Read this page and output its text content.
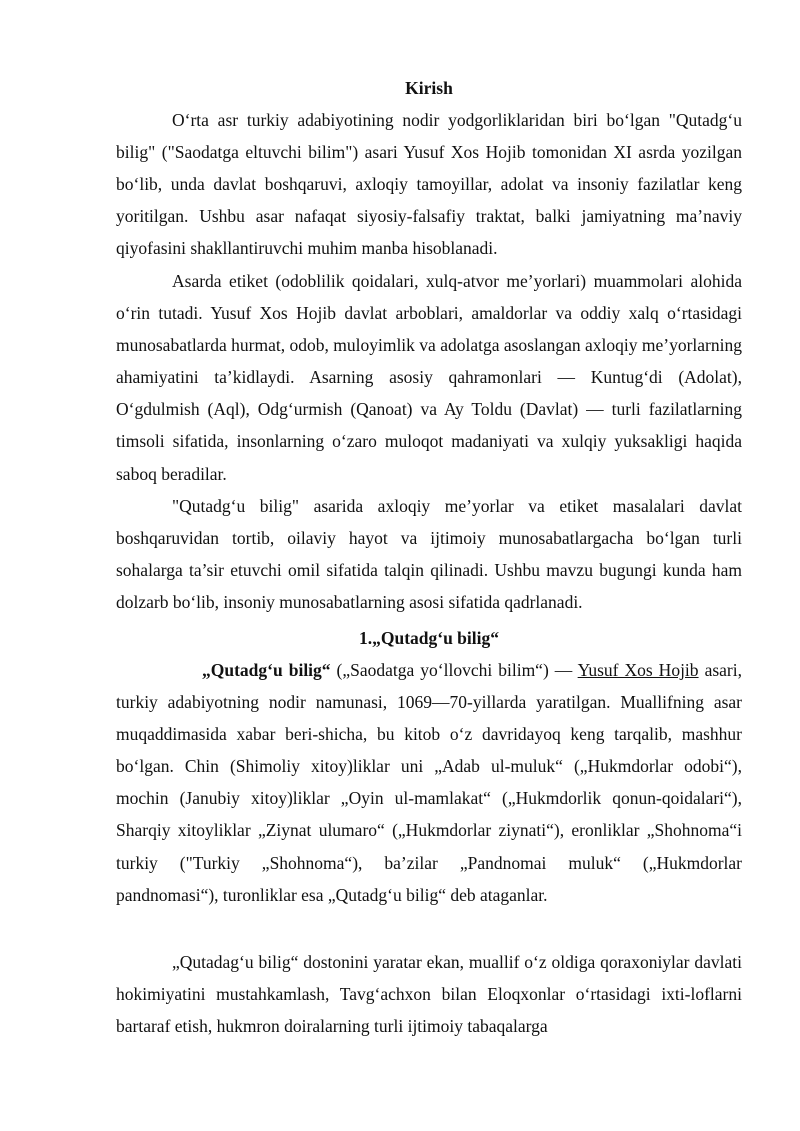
Kirish

O‘rta asr turkiy adabiyotining nodir yodgorliklaridan biri bo‘lgan "Qutadg‘u bilig" ("Saodatga eltuvchi bilim") asari Yusuf Xos Hojib tomonidan XI asrda yozilgan bo‘lib, unda davlat boshqaruvi, axloqiy tamoyillar, adolat va insoniy fazilatlar keng yoritilgan. Ushbu asar nafaqat siyosiy-falsafiy traktat, balki jamiyatning ma’naviy qiyofasini shakllantiruvchi muhim manba hisoblanadi.

Asarda etiket (odoblilik qoidalari, xulq-atvor me’yorlari) muammolari alohida o‘rin tutadi. Yusuf Xos Hojib davlat arboblari, amaldorlar va oddiy xalq o‘rtasidagi munosabatlarda hurmat, odob, muloyimlik va adolatga asoslangan axloqiy me’yorlarning ahamiyatini ta’kidlaydi. Asarning asosiy qahramonlari — Kuntug‘di (Adolat), O‘gdulmish (Aql), Odg‘urmish (Qanoat) va Ay Toldu (Davlat) — turli fazilatlarning timsoli sifatida, insonlarning o‘zaro muloqot madaniyati va xulqiy yuksakligi haqida saboq beradilar.

"Qutadg‘u bilig" asarida axloqiy me’yorlar va etiket masalalari davlat boshqaruvidan tortib, oilaviy hayot va ijtimoiy munosabatlargacha bo‘lgan turli sohalarga ta’sir etuvchi omil sifatida talqin qilinadi. Ushbu mavzu bugungi kunda ham dolzarb bo‘lib, insoniy munosabatlarning asosi sifatida qadrlanadi.

1.„Qutadg‘u bilig“

„Qutadg‘u bilig“ („Saodatga yo‘llovchi bilim“) — Yusuf Xos Hojib asari, turkiy adabiyotning nodir namunasi, 1069—70-yillarda yaratilgan. Muallifning asar muqaddimasida xabar beri-shicha, bu kitob o‘z davridayoq keng tarqalib, mashhur bo‘lgan. Chin (Shimoliy xitoy)liklar uni „Adab ul-muluk“ („Hukmdorlar odobi“), mochin (Janubiy xitoy)liklar „Oyin ul-mamlakat“ („Hukmdorlik qonun-qoidalari“), Sharqiy xitoyliklar „Ziynat ulumaro“ („Hukmdorlar ziynati“), eronliklar „Shohnoma“i turkiy ("Turkiy „Shohnoma“), ba’zilar „Pandnomai muluk“ („Hukmdorlar pandnomasi“), turonliklar esa „Qutadg‘u bilig“ deb ataganlar.

„Qutadag‘u bilig“ dostonini yaratar ekan, muallif o‘z oldiga qoraxoniylar davlati hokimiyatini mustahkamlash, Tavg‘achxon bilan Eloqxonlar o‘rtasidagi ixti-loflarni bartaraf etish, hukmron doiralarning turli ijtimoiy tabaqalarga
